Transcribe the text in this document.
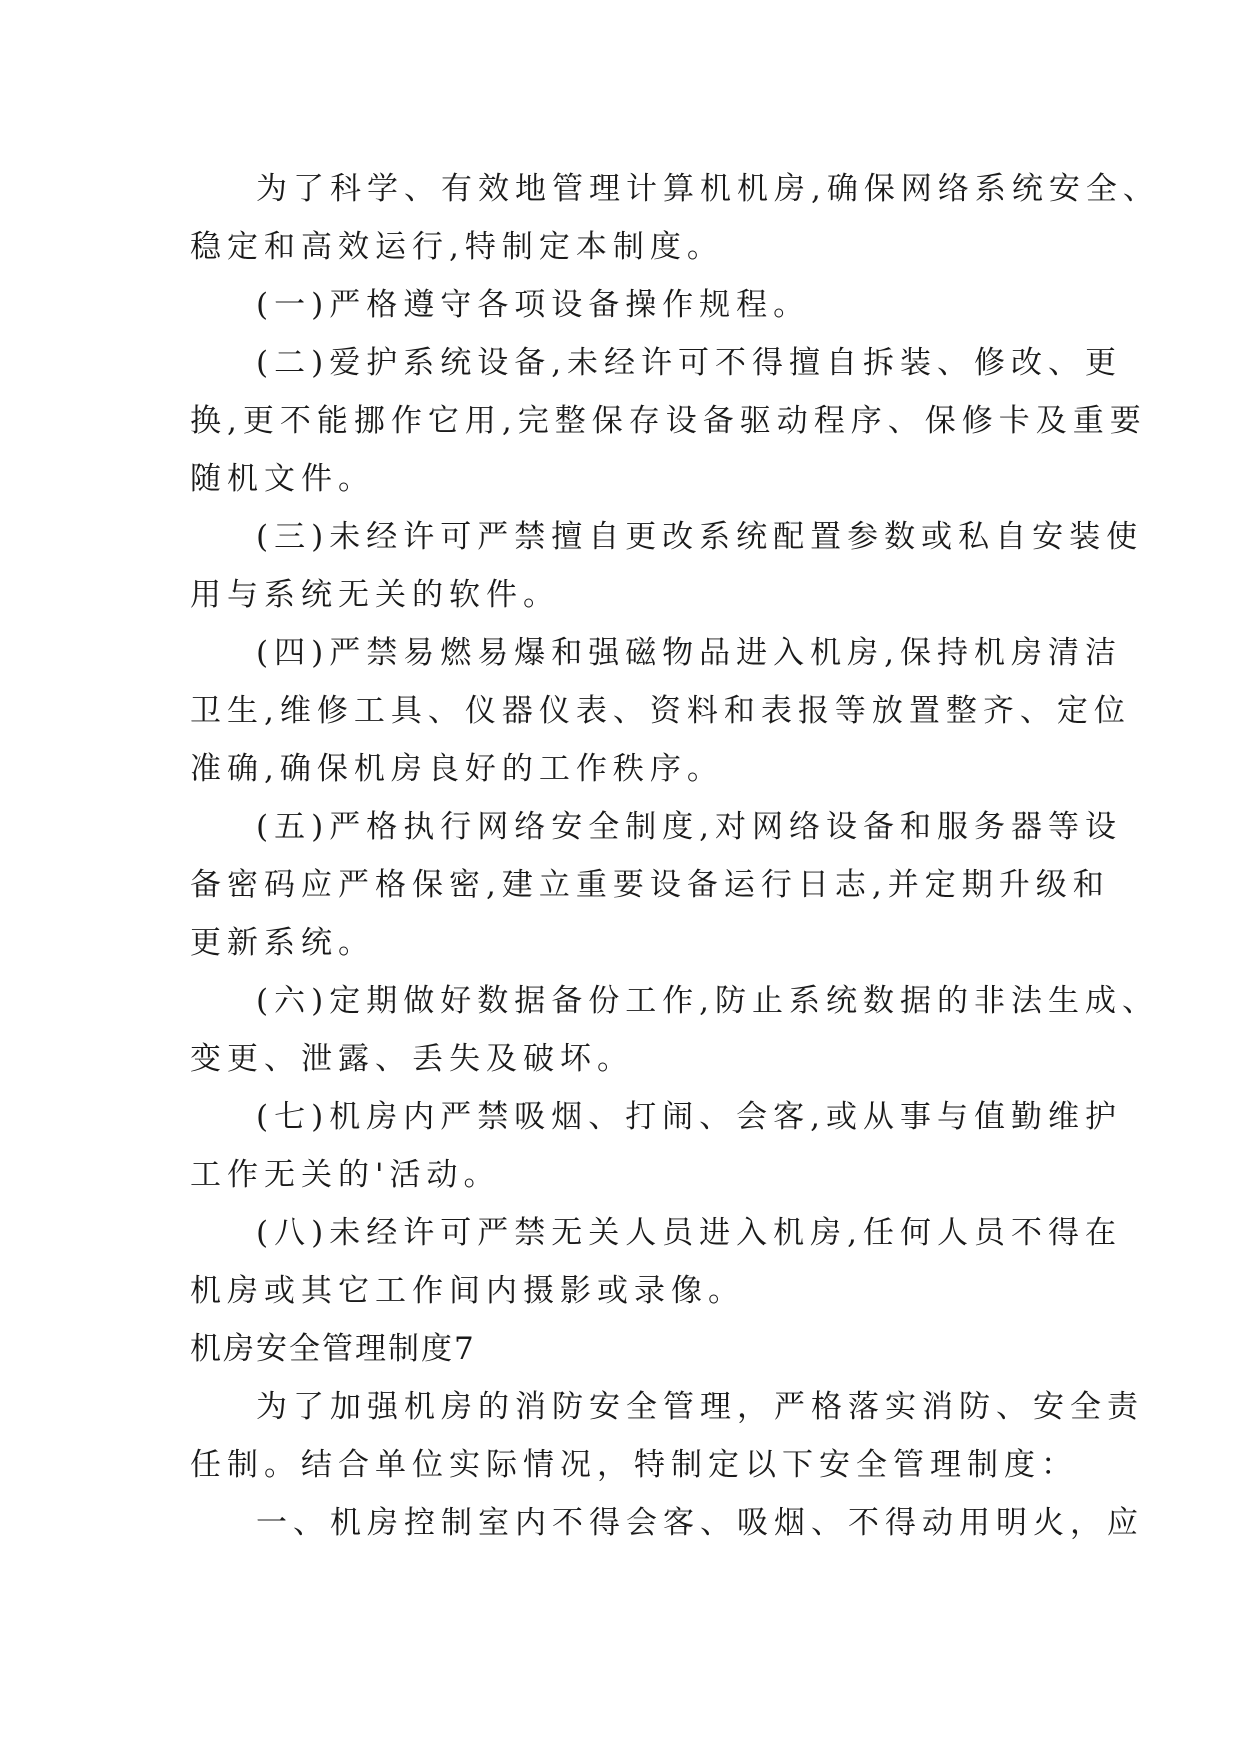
为了科学、有效地管理计算机机房,确保网络系统安全、
稳定和高效运行,特制定本制度。
(一)严格遵守各项设备操作规程。
(二)爱护系统设备,未经许可不得擅自拆装、修改、更
换,更不能挪作它用,完整保存设备驱动程序、保修卡及重要
随机文件。
(三)未经许可严禁擅自更改系统配置参数或私自安装使
用与系统无关的软件。
(四)严禁易燃易爆和强磁物品进入机房,保持机房清洁
卫生,维修工具、仪器仪表、资料和表报等放置整齐、定位
准确,确保机房良好的工作秩序。
(五)严格执行网络安全制度,对网络设备和服务器等设
备密码应严格保密,建立重要设备运行日志,并定期升级和
更新系统。
(六)定期做好数据备份工作,防止系统数据的非法生成、
变更、泄露、丢失及破坏。
(七)机房内严禁吸烟、打闹、会客,或从事与值勤维护
工作无关的'活动。
(八)未经许可严禁无关人员进入机房,任何人员不得在
机房或其它工作间内摄影或录像。
机房安全管理制度7
为了加强机房的消防安全管理，严格落实消防、安全责
任制。结合单位实际情况，特制定以下安全管理制度：
一、机房控制室内不得会客、吸烟、不得动用明火，应
